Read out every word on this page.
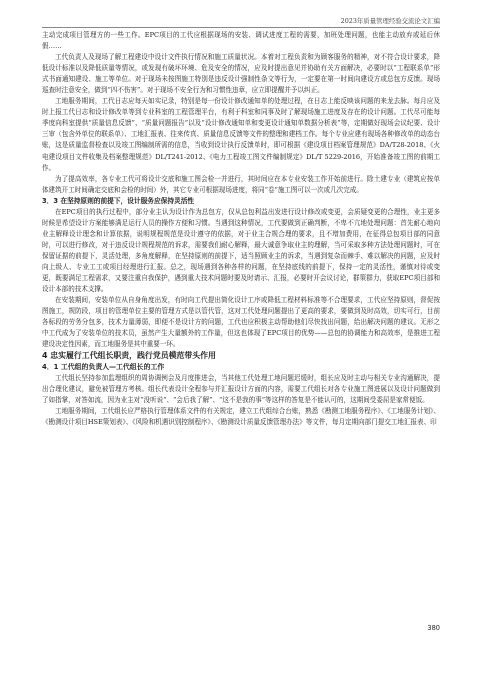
2023年质量管理经验交流论文汇编

主动完成项目管理方的一些工作。EPC项目的工代应根据现场的安装、调试进度工程的需要，加班处理问题，也能主动放弃或延后休假……

工代负责人及现场了解工程建设中设计文件执行情况和施工质量状况。本着对工程负责和为顾客服务的精神，对不符合设计要求，降低设计标准以及降低质量等情况，或发现有破坏环境、危及安全的情况，应及时提出意见并协助有关方面解决，必要时以“工程联系单”形式书面通知建设、施工等单位。对于现场未按图施工特别是违反设计强制性条文等行为，一定要在第一时间向建设方或总包方反馈。现场巡查时注意安全，做到“四不伤害”。对于现场不安全行为和习惯性违章，应立即提醒并予以纠正。

工地服务期间，工代日志应每天如实记录，特别是每一份设计修改通知单的处理过程，在日志上能反映该问题的来龙去脉。每月应及时上报工代日志和设计修改单等到专业科室的工程管理平台，有利于科室和同事及时了解现场施工进度及存在的设计问题。工代尽可能每季度向科室提供“质量信息反馈”、“质量问题报告”以及“设计修改通知单和变更设计通知单数据分析表”等，定期做好现场会议纪要、设计三审（包含外单位的联系单）、工地汇报表、往来传真、质量信息反馈等文件的整理和建档工作。每个专业应建有现场各种修改单的动态台账，这是质量监督检查以及竣工图编制所需的信息，当收到设计执行反馈单时，即可根据《建设项目档案管理规范》DA/T28-2018、《火电建设项目文件收集及档案整理规范》DL/T241-2012、《电力工程竣工图文件编制规定》DL/T 5229-2016，开始准备竣工图的前期工作。

为了提高效率，各专业工代可将设计交底和施工图会检一并进行，其时间应在本专业安装工作开始前进行。除土建专业（建筑应按单体建筑开工时间确定交底和会检的时间）外，其它专业可根据现场进度，将同“卷”施工图可以一次或几次完成。

3．3 在坚持原则的前提下，设计服务应保持灵活性

在EPC项目的执行过程中，部分业主认为设计作为总包方，仅从总包利益出发进行设计修改或变更，会质疑变更的合理性，业主更多时候是希望设计方案能够满足运行人员的操作方便和习惯。当遇到这种情况，工代要做到正确判断，不卑不亢地处理问题：首先耐心地向业主解释设计理念和计算依据，说明规程规范是设计遵守的依据，对于业主合规合理的要求，且不增加费用，在征得总包项目部的同意时，可以进行修改，对于违反设计规程规范的诉求，需要我们耐心解释，最大诚意争取业主的理解，当可采取多种方法处理问题时，可在保留证据的前提下，灵活处理，多角度解释，在坚持原则的前提下，适当照顾业主的诉求，当遇到复杂而棘手、难以解决的问题，应及时向上级人、专业工工或项目经理进行汇报。总之，现场遇到各种各样的问题，在坚持底线的前提下，保持一定的灵活性，谨慎对待或变更，既要满足工程需求，又要注重自我保护，遇到重大技术问题时要及时请示、汇报，必要时开会议讨论，群策群力，获取EPC项目部和设计本部的技术支撑。

在安装期间，安装单位从自身角度出发，有时向工代提出简化设计工序或降低工程材料标准等不合理要求，工代应坚持原则，督促按图施工，规防段，项目的管理单位主要的管理方式是以管代管，这对工代处理问题提出了更高的要求，要做到及时高效，切实可行，目前各标段的劳务分包多，技术力量薄弱，即便不是设计方的问题，工代也应积极主动帮助他们尽快找出问题，给出解决问题的建议。无形之中工代成为了安装单位的技术员，虽然产生大量额外的工作量，但这也体现了EPC项目的优势——总包的协调能力和高效率，是推进工程建设决定性因素，而工地服务是其中重要一环。

4 忠实履行工代组长职责，践行党员模范带头作用

4．1 工代组的负责人—工代组长的工作

工代组长坚持参加监理组织的周协调例会及月度推进会，当其他工代处理工地问题迟缓时，组长应及时主动与相关专业沟通解决，提出合理化建议，避免被管理方考核。组长代表设计全程参与并汇报设计方面的内容，需要工代组长对各专业施工图进展以及设计问题做到了如指掌，对答如流，因为业主对“没听说”、“会后我了解”、“这不是我的事”等这样的答复是不能认可的，这期间受委屈是家常便饭。

工地服务期间，工代组长应严格执行管理体系文件的有关规定，建立工代组综合台账，熟悉《勘测工地服务程序》、《工地服务计划》、《勘测设计项目HSE策划表》、《风险和机遇识别控制程序》、《勘测设计质量反馈管理办法》等文件，每月定期向部门提交工地汇报表、印

380
